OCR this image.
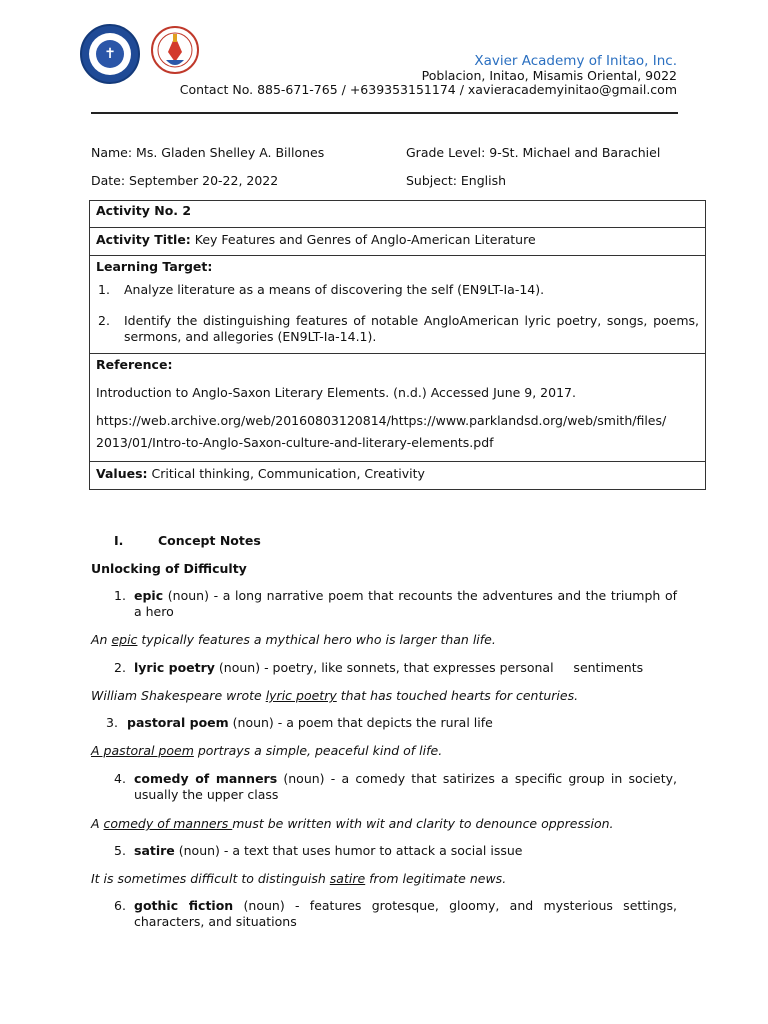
✝	Xavier Academy of Initao, Inc.
Poblacion, Initao, Misamis Oriental, 9022
Contact No. 885-671-765 / +639353151174 / xavieracademyinitao@gmail.com
Name: Ms. Gladen Shelley A. Billones	Grade Level: 9-St. Michael and Barachiel
Date: September 20-22, 2022	Subject: English
Activity No. 2
Activity Title: Key Features and Genres of Anglo-American Literature
Learning Target:
1.	Analyze literature as a means of discovering the self (EN9LT-Ia-14).
2.	Identify the distinguishing features of notable AngloAmerican lyric poetry, songs, poems, sermons, and allegories (EN9LT-Ia-14.1).

Reference:
Introduction to Anglo-Saxon Literary Elements. (n.d.) Accessed June 9, 2017.
https://web.archive.org/web/20160803120814/https://www.parklandsd.org/web/smith/files/
2013/01/Intro-to-Anglo-Saxon-culture-and-literary-elements.pdf

Values: Critical thinking, Communication, Creativity
I.	Concept Notes
Unlocking of Difficulty
1. epic (noun) - a long narrative poem that recounts the adventures and the triumph of a hero
An epic typically features a mythical hero who is larger than life.
2. lyric poetry (noun) - poetry, like sonnets, that expresses personal     sentiments
William Shakespeare wrote lyric poetry that has touched hearts for centuries.
3. pastoral poem (noun) - a poem that depicts the rural life
A pastoral poem portrays a simple, peaceful kind of life.
4. comedy of manners (noun) - a comedy that satirizes a specific group in society, usually the upper class
A comedy of manners must be written with wit and clarity to denounce oppression.
5. satire (noun) - a text that uses humor to attack a social issue
It is sometimes difficult to distinguish satire from legitimate news.
6. gothic fiction (noun) - features grotesque, gloomy, and mysterious settings, characters, and situations
